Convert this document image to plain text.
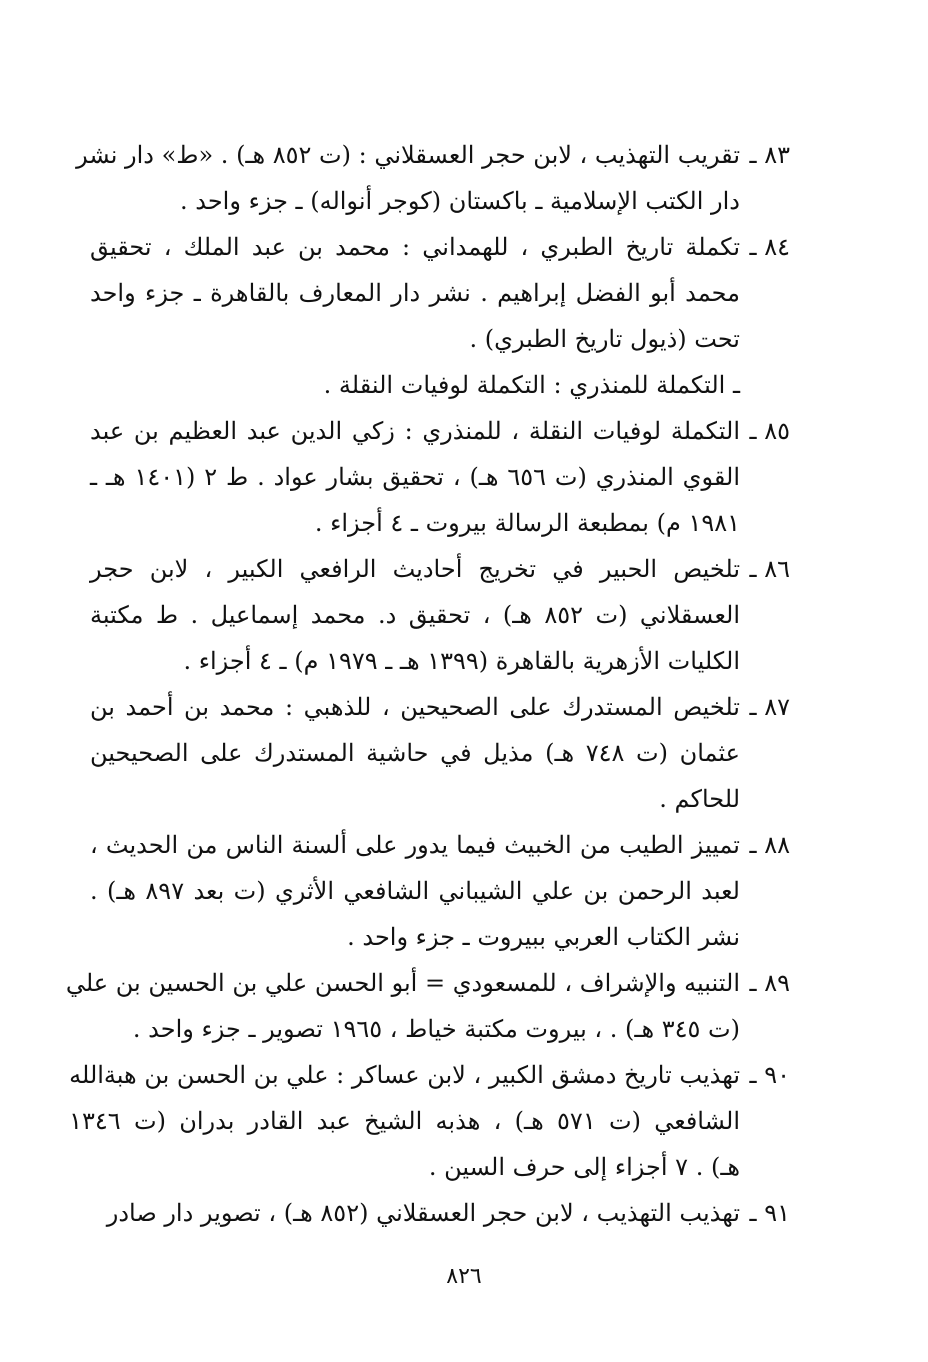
٨٣ ـ
تقريب التهذيب ، لابن حجر العسقلاني : (ت ٨٥٢ هـ) . «ط» دار نشر
دار الكتب الإسلامية ـ باكستان (كوجر أنواله) ـ جزء واحد .
٨٤ ـ
تكملة تاريخ الطبري ، للهمداني : محمد بن عبد الملك ، تحقيق
محمد أبو الفضل إبراهيم . نشر دار المعارف بالقاهرة ـ جزء واحد
تحت (ذيول تاريخ الطبري) .
ـ التكملة للمنذري : التكملة لوفيات النقلة .
٨٥ ـ
التكملة لوفيات النقلة ، للمنذري : زكي الدين عبد العظيم بن عبد
القوي المنذري (ت ٦٥٦ هـ) ، تحقيق بشار عواد . ط ٢ (١٤٠١ هـ ـ
١٩٨١ م) بمطبعة الرسالة بيروت ـ ٤ أجزاء .
٨٦ ـ
تلخيص الحبير في تخريج أحاديث الرافعي الكبير ، لابن حجر
العسقلاني (ت ٨٥٢ هـ) ، تحقيق د. محمد إسماعيل . ط مكتبة
الكليات الأزهرية بالقاهرة (١٣٩٩ هـ ـ ١٩٧٩ م) ـ ٤ أجزاء .
٨٧ ـ
تلخيص المستدرك على الصحيحين ، للذهبي : محمد بن أحمد بن
عثمان (ت ٧٤٨ هـ) مذيل في حاشية المستدرك على الصحيحين
للحاكم .
٨٨ ـ
تمييز الطيب من الخبيث فيما يدور على ألسنة الناس من الحديث ،
لعبد الرحمن بن علي الشيباني الشافعي الأثري (ت بعد ٨٩٧ هـ) .
نشر الكتاب العربي ببيروت ـ جزء واحد .
٨٩ ـ
التنبيه والإشراف ، للمسعودي = أبو الحسن علي بن الحسين بن علي
(ت ٣٤٥ هـ) . ، بيروت مكتبة خياط ، ١٩٦٥ تصوير ـ جزء واحد .
٩٠ ـ
تهذيب تاريخ دمشق الكبير ، لابن عساكر : علي بن الحسن بن هبة‌الله
الشافعي (ت ٥٧١ هـ) ، هذبه الشيخ عبد القادر بدران (ت ١٣٤٦
هـ) . ٧ أجزاء إلى حرف السين .
٩١ ـ
تهذيب التهذيب ، لابن حجر العسقلاني (٨٥٢ هـ) ، تصوير دار صادر
٨٢٦
